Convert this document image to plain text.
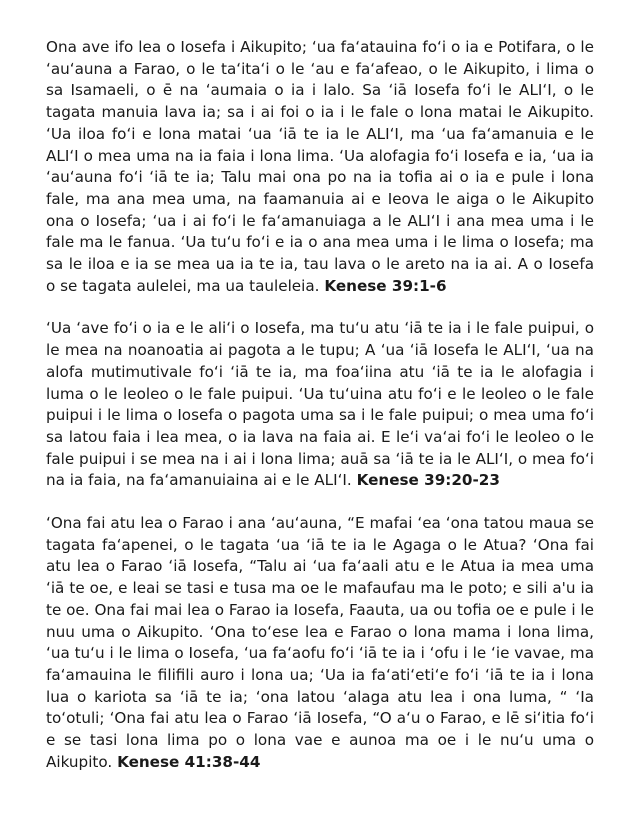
Ona ave ifo lea o Iosefa i Aikupito; ʻua faʻatauina foʻi o ia e Potifara, o le ʻauʻauna a Farao, o le taʻitaʻi o le ʻau e faʻafeao, o le Aikupito, i lima o sa Isamaeli, o ē na ʻaumaia o ia i lalo. Sa ʻiā Iosefa foʻi le ALIʻI, o le tagata manuia lava ia; sa i ai foi o ia i le fale o lona matai le Aikupito. ʻUa iloa foʻi e lona matai ʻua ʻiā te ia le ALIʻI, ma ʻua faʻamanuia e le ALIʻI o mea uma na ia faia i lona lima. ʻUa alofagia foʻi Iosefa e ia, ʻua ia ʻauʻauna foʻi ʻiā te ia; Talu mai ona po na ia tofia ai o ia e pule i lona fale, ma ana mea uma, na faamanuia ai e Ieova le aiga o le Aikupito ona o Iosefa; ʻua i ai foʻi le faʻamanuiaga a le ALIʻI i ana mea uma i le fale ma le fanua. ʻUa tuʻu foʻi e ia o ana mea uma i le lima o Iosefa; ma sa le iloa e ia se mea ua ia te ia, tau lava o le areto na ia ai. A o Iosefa o se tagata aulelei, ma ua tauleleia. Kenese 39:1-6

ʻUa ʻave foʻi o ia e le aliʻi o Iosefa, ma tuʻu atu ʻiā te ia i le fale puipui, o le mea na noanoatia ai pagota a le tupu; A ʻua ʻiā Iosefa le ALIʻI, ʻua na alofa mutimutivale foʻi ʻiā te ia, ma foaʻiina atu ʻiā te ia le alofagia i luma o le leoleo o le fale puipui. ʻUa tuʻuina atu foʻi e le leoleo o le fale puipui i le lima o Iosefa o pagota uma sa i le fale puipui; o mea uma foʻi sa latou faia i lea mea, o ia lava na faia ai. E leʻi vaʻai foʻi le leoleo o le fale puipui i se mea na i ai i lona lima; auā sa ʻiā te ia le ALIʻI, o mea foʻi na ia faia, na faʻamanuiaina ai e le ALIʻI. Kenese 39:20-23

ʻOna fai atu lea o Farao i ana ʻauʻauna, “E mafai ʻea ʻona tatou maua se tagata faʻapenei, o le tagata ʻua ʻiā te ia le Agaga o le Atua? ʻOna fai atu lea o Farao ʻiā Iosefa, “Talu ai ʻua faʻaali atu e le Atua ia mea uma ʻiā te oe, e leai se tasi e tusa ma oe le mafaufau ma le poto; e sili a'u ia te oe. Ona fai mai lea o Farao ia Iosefa, Faauta, ua ou tofia oe e pule i le nuu uma o Aikupito. ʻOna toʻese lea e Farao o lona mama i lona lima, ʻua tuʻu i le lima o Iosefa, ʻua faʻaofu foʻi ʻiā te ia i ʻofu i le ʻie vavae, ma faʻamauina le filifili auro i lona ua; ʻUa ia faʻatiʻetiʻe foʻi ʻiā te ia i lona lua o kariota sa ʻiā te ia; ʻona latou ʻalaga atu lea i ona luma, “ ʻIa toʻotuli; ʻOna fai atu lea o Farao ʻiā Iosefa, “O aʻu o Farao, e lē siʻitia foʻi e se tasi lona lima po o lona vae e aunoa ma oe i le nuʻu uma o Aikupito. Kenese 41:38-44
